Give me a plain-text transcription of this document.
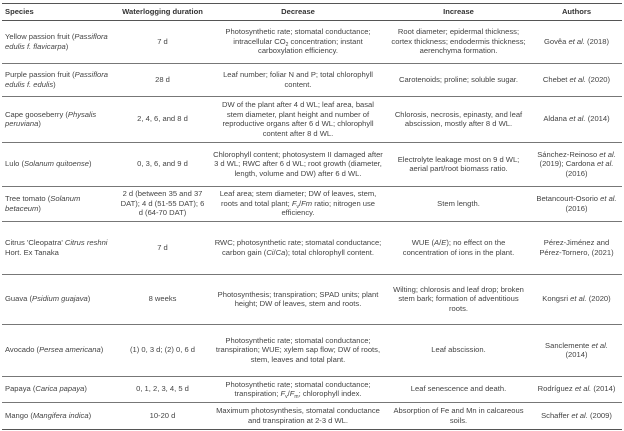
Species	Waterlogging duration	Decrease	Increase	Authors
Yellow passion fruit (Passiflora edulis f. flavicarpa)	7 d	Photosynthetic rate; stomatal conductance; intracellular $CO_2$ concentration; instant carboxylation efficiency.	Root diameter; epidermal thickness; cortex thickness; endodermis thickness; aerenchyma formation.	Govêa et al. (2018)
Purple passion fruit (Passiflora edulis f. edulis)	28 d	Leaf number; foliar N and P; total chlorophyll content.	Carotenoids; proline; soluble sugar.	Chebet et al. (2020)
Cape gooseberry (Physalis peruviana)	2, 4, 6, and 8 d	DW of the plant after 4 d WL; leaf area, basal stem diameter, plant height and number of reproductive organs after 6 d WL; chlorophyll content after 8 d WL.	Chlorosis, necrosis, epinasty, and leaf abscission, mostly after 8 d WL.	Aldana et al. (2014)
Lulo (Solanum quitoense)	0, 3, 6, and 9 d	Chlorophyll content; photosystem II damaged after 3 d WL; RWC after 6 d WL; root growth (diameter, length, volume and DW) after 6 d WL.	Electrolyte leakage most on 9 d WL; aerial part/root biomass ratio.	Sánchez-Reinoso et al. (2019); Cardona et al. (2016)
Tree tomato (Solanum betaceum)	2 d (between 35 and 37 DAT); 4 d (51-55 DAT); 6 d (64-70 DAT)	Leaf area; stem diameter; DW of leaves, stem, roots and total plant; $F_v/Fm$ ratio; nitrogen use efficiency.	Stem length.	Betancourt-Osorio et al. (2016)
Citrus 'Cleopatra' Citrus reshni Hort. Ex Tanaka	7 d	RWC; photosynthetic rate; stomatal conductance; carbon gain (Ci/Ca); total chlorophyll content.	WUE (A/E); no effect on the concentration of ions in the plant.	Pérez-Jiménez and Pérez-Tornero, (2021)
Guava (Psidium guajava)	8 weeks	Photosynthesis; transpiration; SPAD units; plant height; DW of leaves, stem and roots.	Wilting; chlorosis and leaf drop; broken stem bark; formation of adventitious roots.	Kongsri et al. (2020)
Avocado (Persea americana)	(1) 0, 3 d; (2) 0, 6 d	Photosynthetic rate; stomatal conductance; transpiration; WUE; xylem sap flow; DW of roots, stem, leaves and total plant.	Leaf abscission.	Sanclemente et al. (2014)
Papaya (Carica papaya)	0, 1, 2, 3, 4, 5 d	Photosynthetic rate; stomatal conductance; transpiration; $F_v/F_m$; chlorophyll index.	Leaf senescence and death.	Rodríguez et al. (2014)
Mango (Mangifera indica)	10-20 d	Maximum photosynthesis, stomatal conductance and transpiration at 2-3 d WL.	Absorption of Fe and Mn in calcareous soils.	Schaffer et al. (2009)
